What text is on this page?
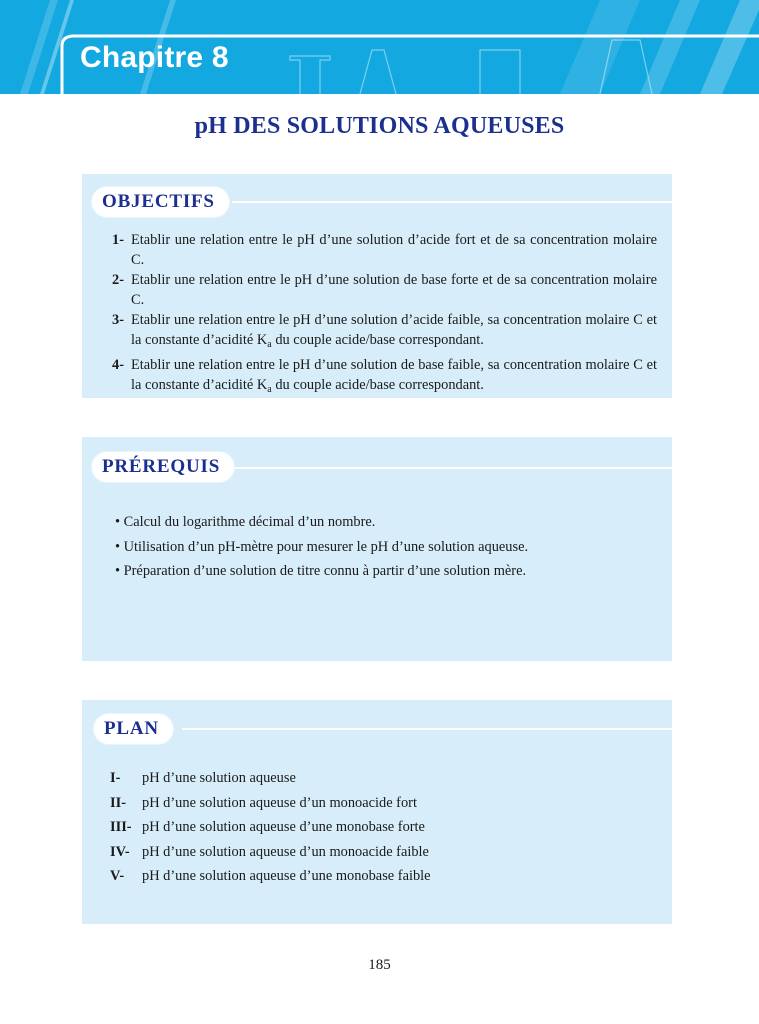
Chapitre 8
pH DES SOLUTIONS AQUEUSES
OBJECTIFS
1- Etablir une relation entre le pH d’une solution d’acide fort et de sa concentration molaire C.
2- Etablir une relation entre le pH d’une solution de base forte et de sa concentration molaire C.
3- Etablir une relation entre le pH d’une solution d’acide faible, sa concentration molaire C et la constante d’acidité $K_a$ du couple acide/base correspondant.
4- Etablir une relation entre le pH d’une solution de base faible, sa concentration molaire C et la constante d’acidité $K_a$ du couple acide/base correspondant.
PRÉREQUIS
• Calcul du logarithme décimal d’un nombre.
• Utilisation d’un pH-mètre pour mesurer le pH d’une solution aqueuse.
• Préparation d’une solution de titre connu à partir d’une solution mère.
PLAN
I-	pH d’une solution aqueuse
II-	pH d’une solution aqueuse d’un monoacide fort
III- pH d’une solution aqueuse d’une monobase forte
IV- pH d’une solution aqueuse d’un monoacide faible
V-	pH d’une solution aqueuse d’une monobase faible
185
